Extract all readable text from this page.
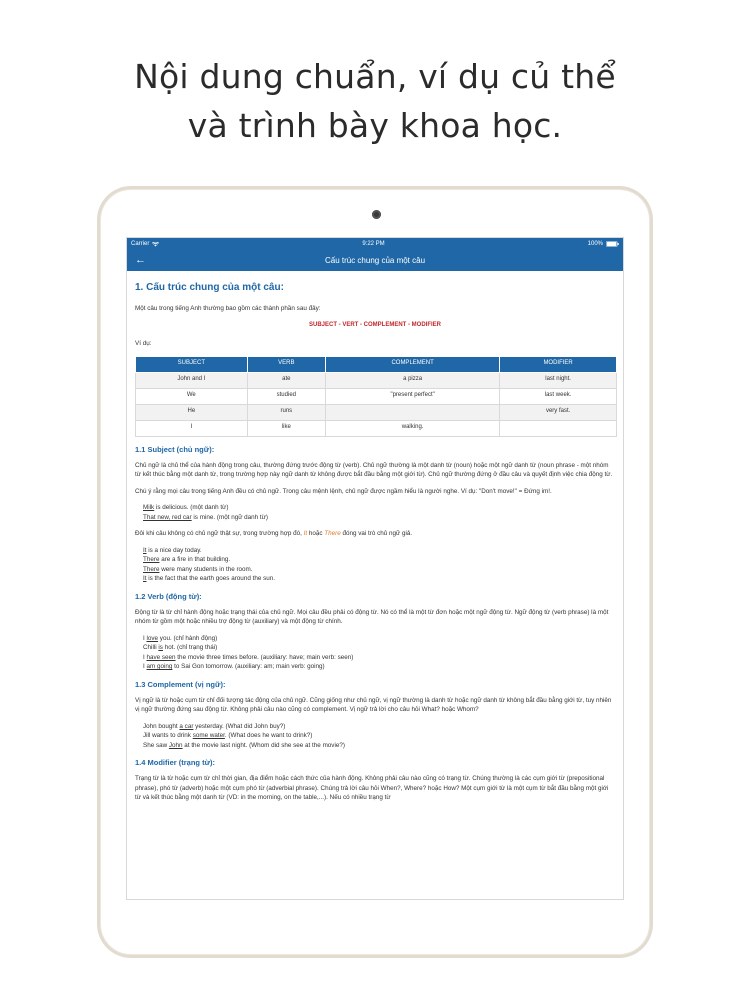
Nội dung chuẩn, ví dụ củ thể
và trình bày khoa học.
Carrier	9:22 PM	100%
←	Cấu trúc chung của một câu
1. Cấu trúc chung của một câu:

Một câu trong tiếng Anh thường bao gồm các thành phần sau đây:

SUBJECT - VERT - COMPLEMENT - MODIFIER

Ví dụ:

SUBJECT	VERB	COMPLEMENT	MODIFIER
John and I	ate	a pizza	last night.
We	studied	"present perfect"	last week.
He	runs		very fast.
I	like	walking.	
1.1 Subject (chủ ngữ):

Chủ ngữ là chủ thể của hành động trong câu, thường đứng trước động từ (verb). Chủ ngữ thường là một danh từ (noun) hoặc một ngữ danh từ (noun phrase - một nhóm từ kết thúc bằng một danh từ, trong trường hợp này ngữ danh từ không được bắt đầu bằng một giới từ). Chủ ngữ thường đứng ở đầu câu và quyết định việc chia động từ.

Chú ý rằng mọi câu trong tiếng Anh đều có chủ ngữ. Trong câu mệnh lệnh, chủ ngữ được ngầm hiểu là người nghe. Ví dụ: "Don't move!" = Đứng im!.

Milk is delicious. (một danh từ)
That new, red car is mine. (một ngữ danh từ)

Đôi khi câu không có chủ ngữ thật sự, trong trường hợp đó, It hoặc There đóng vai trò chủ ngữ giả.

It is a nice day today.
There are a fire in that building.
There were many students in the room.
It is the fact that the earth goes around the sun.
1.2 Verb (động từ):

Động từ là từ chỉ hành động hoặc trạng thái của chủ ngữ. Mọi câu đều phải có động từ. Nó có thể là một từ đơn hoặc một ngữ động từ. Ngữ động từ (verb phrase) là một nhóm từ gồm một hoặc nhiều trợ động từ (auxiliary) và một động từ chính.

I love you. (chỉ hành động)
Chilli is hot. (chỉ trạng thái)
I have seen the movie three times before. (auxiliary: have; main verb: seen)
I am going to Sai Gon tomorrow. (auxiliary: am; main verb: going)
1.3 Complement (vị ngữ):

Vị ngữ là từ hoặc cụm từ chỉ đối tượng tác động của chủ ngữ. Cũng giống như chủ ngữ, vị ngữ thường là danh từ hoặc ngữ danh từ không bắt đầu bằng giới từ, tuy nhiên vị ngữ thường đứng sau động từ. Không phải câu nào cũng có complement. Vị ngữ trả lời cho câu hỏi What? hoặc Whom?

John bought a car yesterday. (What did John buy?)
Jill wants to drink some water. (What does he want to drink?)
She saw John at the movie last night. (Whom did she see at the movie?)
1.4 Modifier (trạng từ):

Trạng từ là từ hoặc cụm từ chỉ thời gian, địa điểm hoặc cách thức của hành động. Không phải câu nào cũng có trạng từ. Chúng thường là các cụm giới từ (prepositional phrase), phó từ (adverb) hoặc một cụm phó từ (adverbial phrase). Chúng trả lời câu hỏi When?, Where? hoặc How? Một cụm giới từ là một cụm từ bắt đầu bằng một giới từ và kết thúc bằng một danh từ (VD: in the morning, on the table,...). Nếu có nhiều trạng từ
